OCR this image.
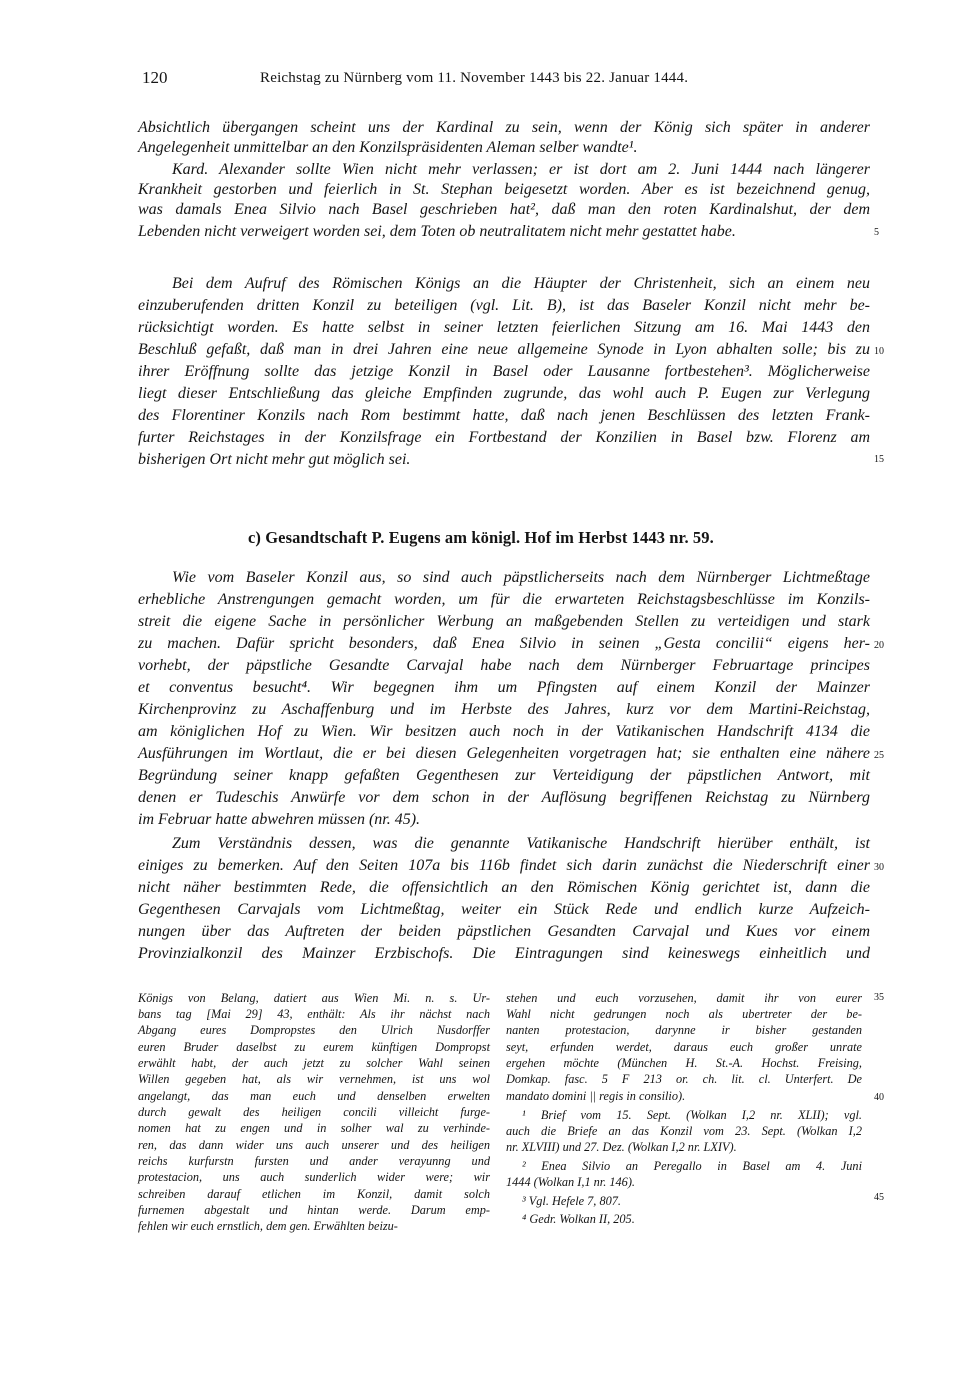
120	Reichstag zu Nürnberg vom 11. November 1443 bis 22. Januar 1444.
Absichtlich übergangen scheint uns der Kardinal zu sein, wenn der König sich später in anderer
Angelegenheit unmittelbar an den Konzilspräsidenten Aleman selber wandte¹.
Kard. Alexander sollte Wien nicht mehr verlassen; er ist dort am 2. Juni 1444 nach längerer
Krankheit gestorben und feierlich in St. Stephan beigesetzt worden. Aber es ist bezeichnend genug,
was damals Enea Silvio nach Basel geschrieben hat², daß man den roten Kardinalshut, der dem
Lebenden nicht verweigert worden sei, dem Toten ob neutralitatem nicht mehr gestattet habe.
Bei dem Aufruf des Römischen Königs an die Häupter der Christenheit, sich an einem neu
einzuberufenden dritten Konzil zu beteiligen (vgl. Lit. B), ist das Baseler Konzil nicht mehr be-
rücksichtigt worden. Es hatte selbst in seiner letzten feierlichen Sitzung am 16. Mai 1443 den
Beschluß gefaßt, daß man in drei Jahren eine neue allgemeine Synode in Lyon abhalten solle; bis zu
ihrer Eröffnung sollte das jetzige Konzil in Basel oder Lausanne fortbestehen³. Möglicherweise
liegt dieser Entschließung das gleiche Empfinden zugrunde, das wohl auch P. Eugen zur Verlegung
des Florentiner Konzils nach Rom bestimmt hatte, daß nach jenen Beschlüssen des letzten Frank-
furter Reichstages in der Konzilsfrage ein Fortbestand der Konzilien in Basel bzw. Florenz am
bisherigen Ort nicht mehr gut möglich sei.
c) Gesandtschaft P. Eugens am königl. Hof im Herbst 1443 nr. 59.
Wie vom Baseler Konzil aus, so sind auch päpstlicherseits nach dem Nürnberger Lichtmeßtage
erhebliche Anstrengungen gemacht worden, um für die erwarteten Reichstagsbeschlüsse im Konzils-
streit die eigene Sache in persönlicher Werbung an maßgebenden Stellen zu verteidigen und stark
zu machen. Dafür spricht besonders, daß Enea Silvio in seinen „Gesta concilii“ eigens her-
vorhebt, der päpstliche Gesandte Carvajal habe nach dem Nürnberger Februartage principes
et conventus besucht⁴. Wir begegnen ihm um Pfingsten auf einem Konzil der Mainzer
Kirchenprovinz zu Aschaffenburg und im Herbste des Jahres, kurz vor dem Martini-Reichstag,
am königlichen Hof zu Wien. Wir besitzen auch noch in der Vatikanischen Handschrift 4134 die
Ausführungen im Wortlaut, die er bei diesen Gelegenheiten vorgetragen hat; sie enthalten eine nähere
Begründung seiner knapp gefaßten Gegenthesen zur Verteidigung der päpstlichen Antwort, mit
denen er Tudeschis Anwürfe vor dem schon in der Auflösung begriffenen Reichstag zu Nürnberg
im Februar hatte abwehren müssen (nr. 45).
Zum Verständnis dessen, was die genannte Vatikanische Handschrift hierüber enthält, ist
einiges zu bemerken. Auf den Seiten 107a bis 116b findet sich darin zunächst die Niederschrift einer
nicht näher bestimmten Rede, die offensichtlich an den Römischen König gerichtet ist, dann die
Gegenthesen Carvajals vom Lichtmeßtag, weiter ein Stück Rede und endlich kurze Aufzeich-
nungen über das Auftreten der beiden päpstlichen Gesandten Carvajal und Kues vor einem
Provinzialkonzil des Mainzer Erzbischofs. Die Eintragungen sind keineswegs einheitlich und
Königs von Belang, datiert aus Wien Mi. n. s. Ur-
bans tag [Mai 29] 43, enthält: Als ihr nächst nach
Abgang eures Dompropstes den Ulrich Nusdorffer
euren Bruder daselbst zu eurem künftigen Dompropst
erwählt habt, der auch jetzt zu solcher Wahl seinen
Willen gegeben hat, als wir vernehmen, ist uns wol
angelangt, das man euch und denselben erwelten
durch gewalt des heiligen concili villeicht furge-
nomen hat zu engen und in solher wal zu verhinde-
ren, das dann wider uns auch unserer und des heiligen
reichs kurfurstn fursten und ander verayunng und
protestacion, uns auch sunderlich wider were; wir
schreiben darauf etlichen im Konzil, damit solch
furnemen abgestalt und hintan werde. Darum emp-
fehlen wir euch ernstlich, dem gen. Erwählten beizu-
stehen und euch vorzusehen, damit ihr von eurer
Wahl nicht gedrungen noch als ubertreter der be-
nanten protestacion, darynne ir bisher gestanden
seyt, erfunden werdet, daraus euch großer unrate
ergehen möchte (München H. St.-A. Hochst. Freising,
Domkap. fasc. 5 F 213 or. ch. lit. cl. Unterfert. De
mandato domini || regis in consilio).
¹ Brief vom 15. Sept. (Wolkan I,2 nr. XLII); vgl.
auch die Briefe an das Konzil vom 23. Sept. (Wolkan I,2
nr. XLVIII) und 27. Dez. (Wolkan I,2 nr. LXIV).
² Enea Silvio an Peregallo in Basel am 4. Juni
1444 (Wolkan I,1 nr. 146).
³ Vgl. Hefele 7, 807.
⁴ Gedr. Wolkan II, 205.
5
10
15
20
25
30
35
40
45
